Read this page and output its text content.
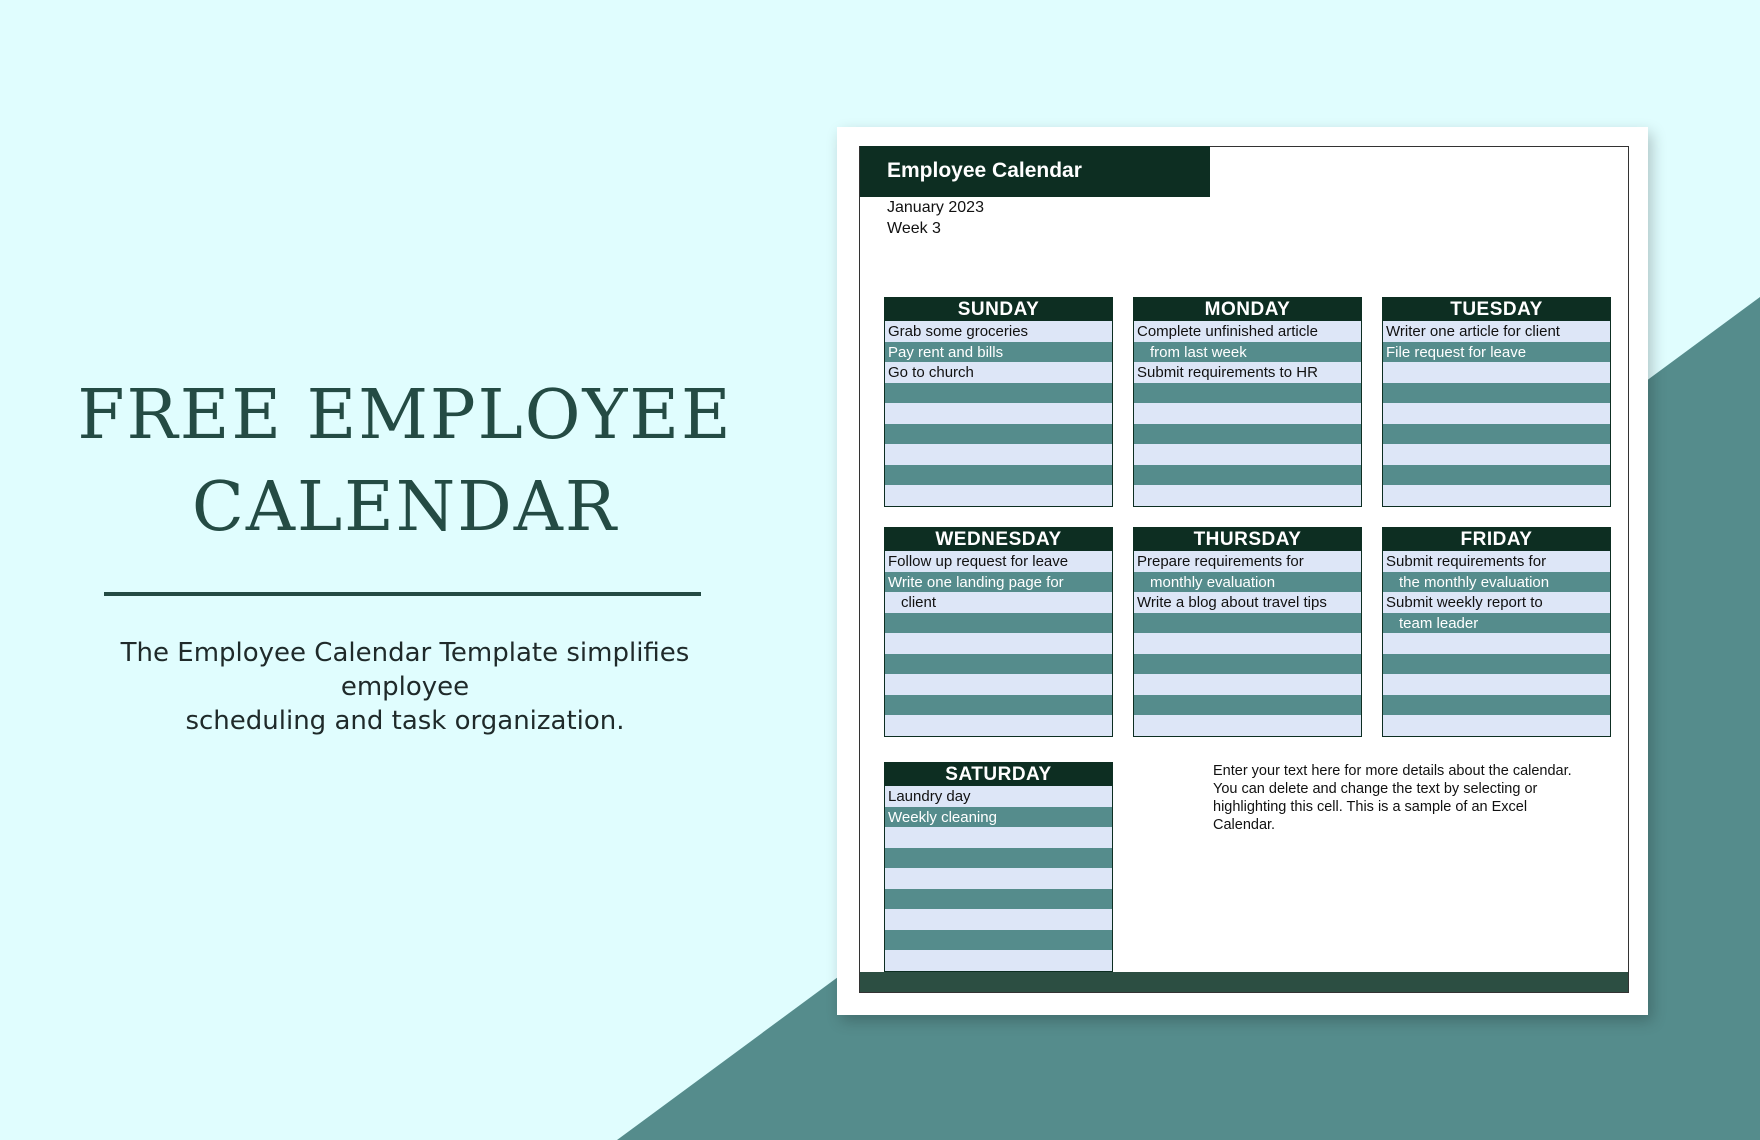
FREE EMPLOYEE

CALENDAR

The Employee Calendar Template simplifies employee
scheduling and task organization.
Employee Calendar
January 2023
Week 3
SUNDAY
Grab some groceries
Pay rent and bills
Go to church
MONDAY
Complete unfinished article
from last week
Submit requirements to HR
TUESDAY
Writer one article for client
File request for leave
WEDNESDAY
Follow up request for leave
Write one landing page for
client
THURSDAY
Prepare requirements for
monthly evaluation
Write a blog about travel tips
FRIDAY
Submit requirements for
the monthly evaluation
Submit weekly report to
team leader
SATURDAY
Laundry day
Weekly cleaning
Enter your text here for more details about the calendar.
You can delete and change the text by selecting or
highlighting this cell. This is a sample of an Excel
Calendar.
